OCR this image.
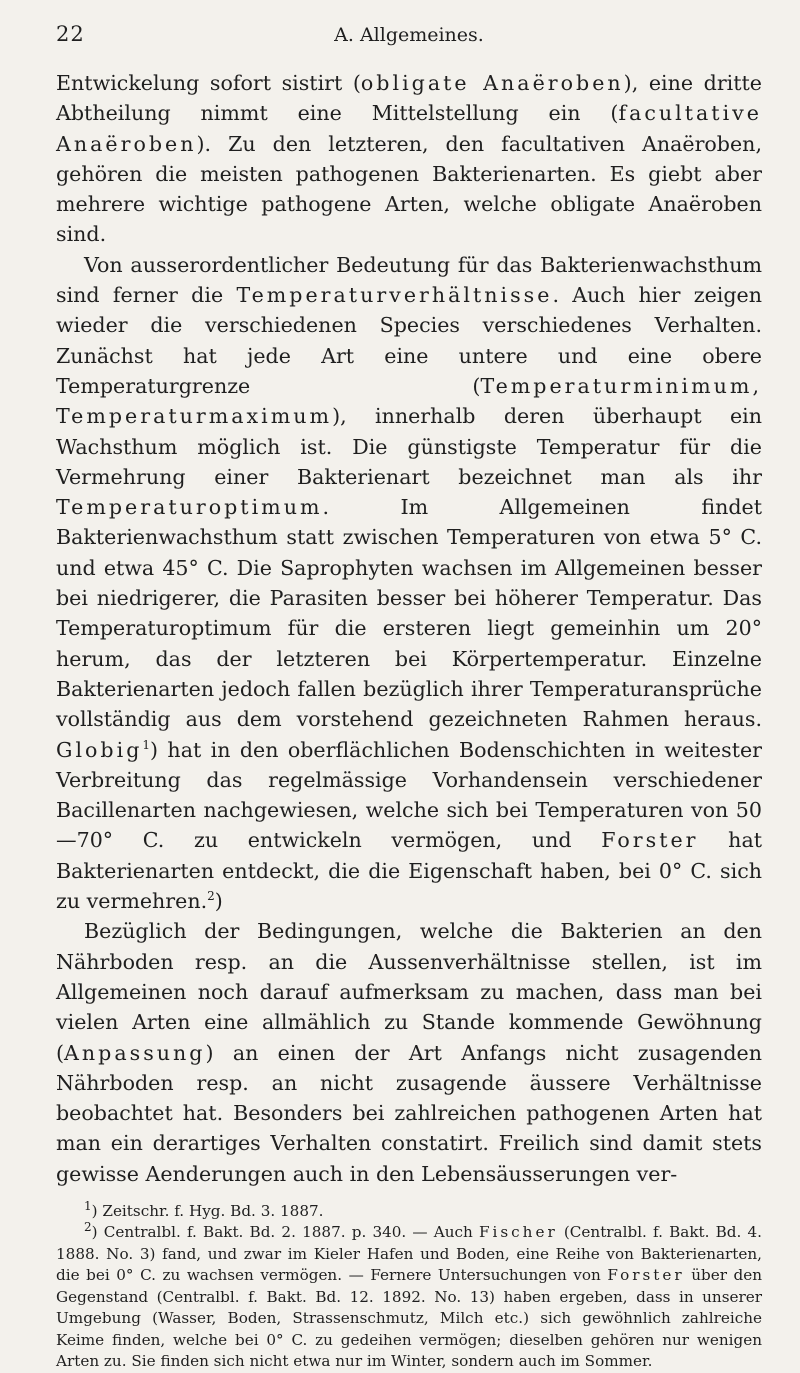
22	A. Allgemeines.

Entwickelung sofort sistirt (obligate Anaëroben), eine dritte Abtheilung nimmt eine Mittelstellung ein (facultative Anaëroben). Zu den letzteren, den facultativen Anaëroben, gehören die meisten pathogenen Bakterienarten. Es giebt aber mehrere wichtige pathogene Arten, welche obligate Anaëroben sind.

Von ausserordentlicher Bedeutung für das Bakterienwachsthum sind ferner die Temperaturverhältnisse. Auch hier zeigen wieder die verschiedenen Species verschiedenes Verhalten. Zunächst hat jede Art eine untere und eine obere Temperaturgrenze (Temperaturminimum, Temperaturmaximum), innerhalb deren überhaupt ein Wachsthum möglich ist. Die günstigste Temperatur für die Vermehrung einer Bakterienart bezeichnet man als ihr Temperaturoptimum. Im Allgemeinen findet Bakterienwachsthum statt zwischen Temperaturen von etwa 5° C. und etwa 45° C. Die Saprophyten wachsen im Allgemeinen besser bei niedrigerer, die Parasiten besser bei höherer Temperatur. Das Temperaturoptimum für die ersteren liegt gemeinhin um 20° herum, das der letzteren bei Körpertemperatur. Einzelne Bakterienarten jedoch fallen bezüglich ihrer Temperaturansprüche vollständig aus dem vorstehend gezeichneten Rahmen heraus. Globig$^1$) hat in den oberflächlichen Bodenschichten in weitester Verbreitung das regelmässige Vorhandensein verschiedener Bacillenarten nachgewiesen, welche sich bei Temperaturen von 50—70° C. zu entwickeln vermögen, und Forster hat Bakterienarten entdeckt, die die Eigenschaft haben, bei 0° C. sich zu vermehren.$^2$)

Bezüglich der Bedingungen, welche die Bakterien an den Nährboden resp. an die Aussenverhältnisse stellen, ist im Allgemeinen noch darauf aufmerksam zu machen, dass man bei vielen Arten eine allmählich zu Stande kommende Gewöhnung (Anpassung) an einen der Art Anfangs nicht zusagenden Nährboden resp. an nicht zusagende äussere Verhältnisse beobachtet hat. Besonders bei zahlreichen pathogenen Arten hat man ein derartiges Verhalten constatirt. Freilich sind damit stets gewisse Aenderungen auch in den Lebensäusserungen ver-

$^1$) Zeitschr. f. Hyg. Bd. 3. 1887.

$^2$) Centralbl. f. Bakt. Bd. 2. 1887. p. 340. — Auch Fischer (Centralbl. f. Bakt. Bd. 4. 1888. No. 3) fand, und zwar im Kieler Hafen und Boden, eine Reihe von Bakterienarten, die bei 0° C. zu wachsen vermögen. — Fernere Untersuchungen von Forster über den Gegenstand (Centralbl. f. Bakt. Bd. 12. 1892. No. 13) haben ergeben, dass in unserer Umgebung (Wasser, Boden, Strassenschmutz, Milch etc.) sich gewöhnlich zahlreiche Keime finden, welche bei 0° C. zu gedeihen vermögen; dieselben gehören nur wenigen Arten zu. Sie finden sich nicht etwa nur im Winter, sondern auch im Sommer.
